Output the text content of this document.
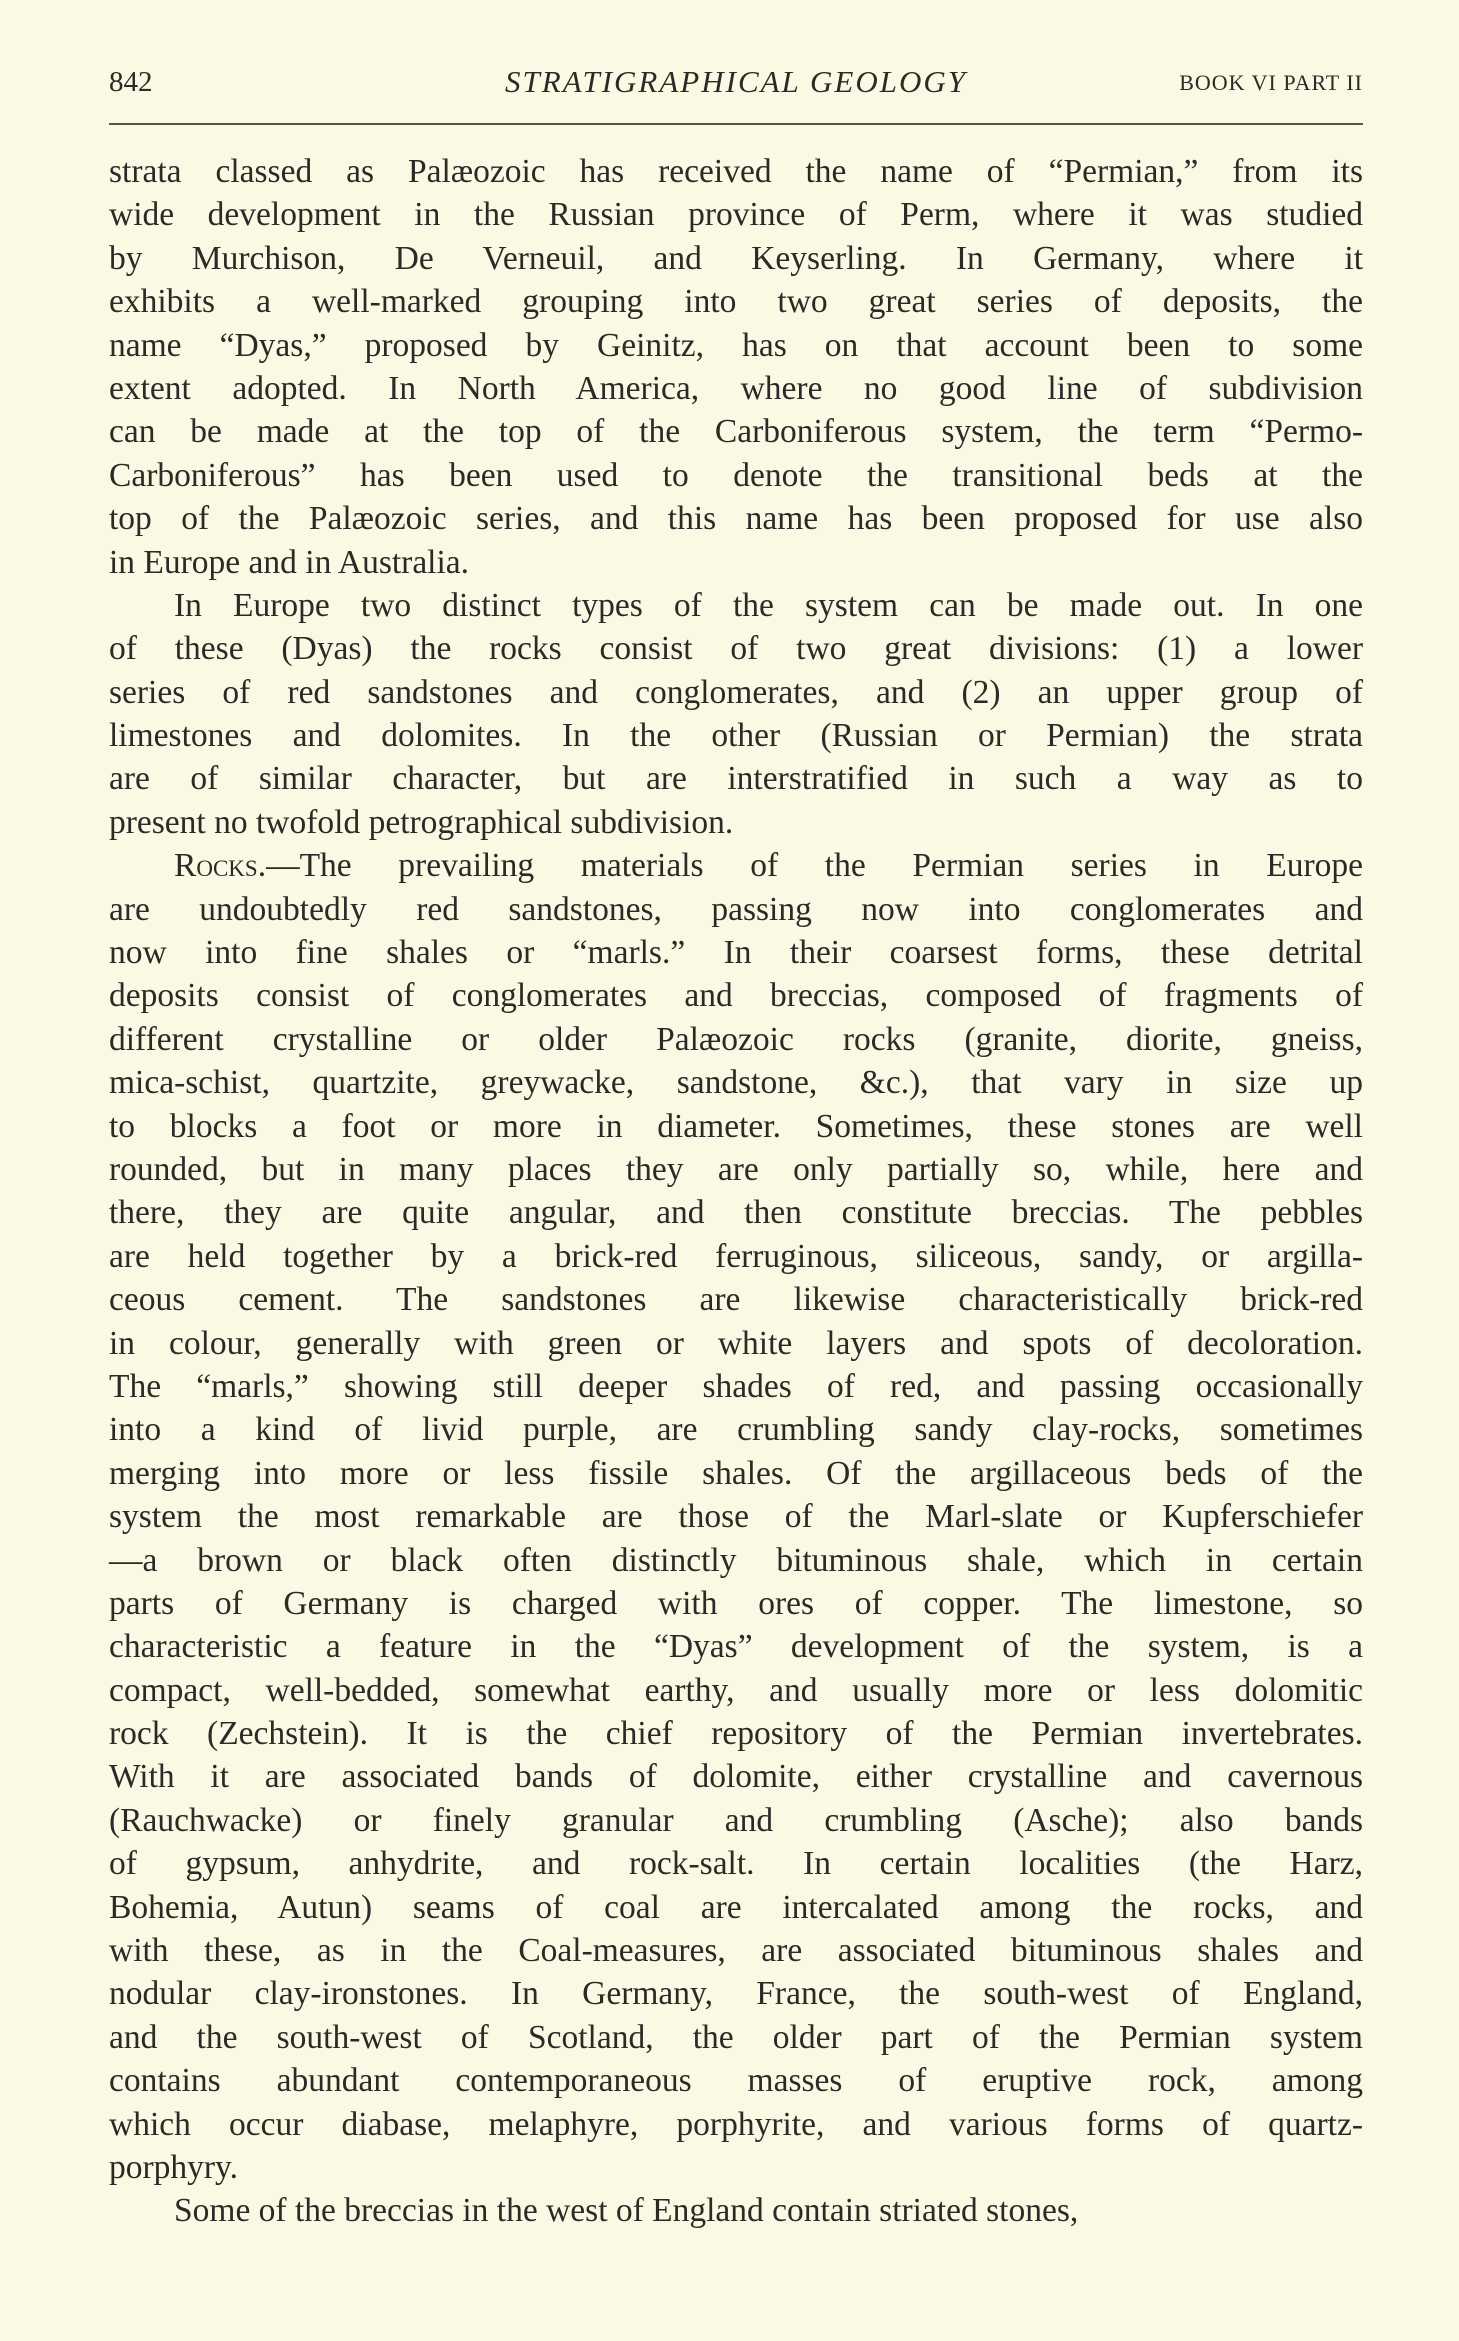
842	STRATIGRAPHICAL GEOLOGY	BOOK VI PART II
strata classed as Palæozoic has received the name of “Permian,” from its
wide development in the Russian province of Perm, where it was studied
by Murchison, De Verneuil, and Keyserling. In Germany, where it
exhibits a well-marked grouping into two great series of deposits, the
name “Dyas,” proposed by Geinitz, has on that account been to some
extent adopted. In North America, where no good line of subdivision
can be made at the top of the Carboniferous system, the term “Permo-
Carboniferous” has been used to denote the transitional beds at the
top of the Palæozoic series, and this name has been proposed for use also
in Europe and in Australia.
In Europe two distinct types of the system can be made out. In one
of these (Dyas) the rocks consist of two great divisions: (1) a lower
series of red sandstones and conglomerates, and (2) an upper group of
limestones and dolomites. In the other (Russian or Permian) the strata
are of similar character, but are interstratified in such a way as to
present no twofold petrographical subdivision.
Rocks.—The prevailing materials of the Permian series in Europe
are undoubtedly red sandstones, passing now into conglomerates and
now into fine shales or “marls.” In their coarsest forms, these detrital
deposits consist of conglomerates and breccias, composed of fragments of
different crystalline or older Palæozoic rocks (granite, diorite, gneiss,
mica-schist, quartzite, greywacke, sandstone, &c.), that vary in size up
to blocks a foot or more in diameter. Sometimes, these stones are well
rounded, but in many places they are only partially so, while, here and
there, they are quite angular, and then constitute breccias. The pebbles
are held together by a brick-red ferruginous, siliceous, sandy, or argilla-
ceous cement. The sandstones are likewise characteristically brick-red
in colour, generally with green or white layers and spots of decoloration.
The “marls,” showing still deeper shades of red, and passing occasionally
into a kind of livid purple, are crumbling sandy clay-rocks, sometimes
merging into more or less fissile shales. Of the argillaceous beds of the
system the most remarkable are those of the Marl-slate or Kupferschiefer
—a brown or black often distinctly bituminous shale, which in certain
parts of Germany is charged with ores of copper. The limestone, so
characteristic a feature in the “Dyas” development of the system, is a
compact, well-bedded, somewhat earthy, and usually more or less dolomitic
rock (Zechstein). It is the chief repository of the Permian invertebrates.
With it are associated bands of dolomite, either crystalline and cavernous
(Rauchwacke) or finely granular and crumbling (Asche); also bands
of gypsum, anhydrite, and rock-salt. In certain localities (the Harz,
Bohemia, Autun) seams of coal are intercalated among the rocks, and
with these, as in the Coal-measures, are associated bituminous shales and
nodular clay-ironstones. In Germany, France, the south-west of England,
and the south-west of Scotland, the older part of the Permian system
contains abundant contemporaneous masses of eruptive rock, among
which occur diabase, melaphyre, porphyrite, and various forms of quartz-
porphyry.
Some of the breccias in the west of England contain striated stones,
